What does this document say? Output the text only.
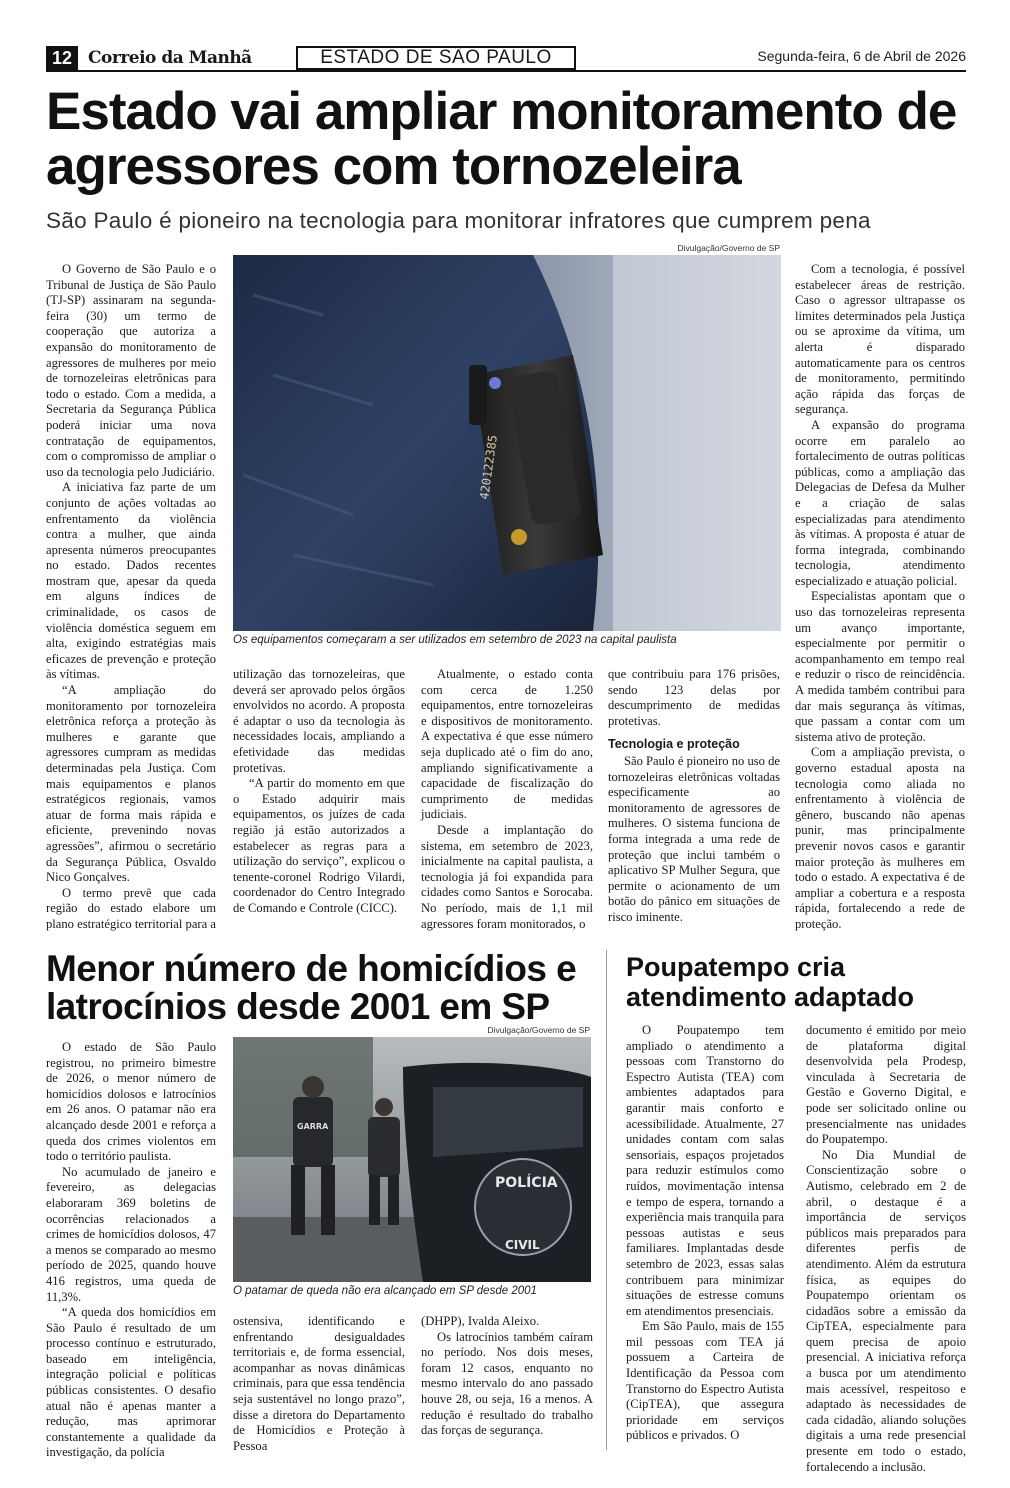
12 Correio da Manhã	ESTADO DE SÃO PAULO	Segunda-feira, 6 de Abril de 2026
Estado vai ampliar monitoramento de agressores com tornozeleira
São Paulo é pioneiro na tecnologia para monitorar infratores que cumprem pena
Divulgação/Governo de SP
420122385
Os equipamentos começaram a ser utilizados em setembro de 2023 na capital paulista

O Governo de São Paulo e o Tribunal de Justiça de São Paulo (TJ-SP) assinaram na segunda-feira (30) um termo de cooperação que autoriza a expansão do monitoramento de agressores de mulheres por meio de tornozeleiras eletrônicas para todo o estado. Com a medida, a Secretaria da Segurança Pública poderá iniciar uma nova contratação de equipamentos, com o compromisso de ampliar o uso da tecnologia pelo Judiciário.

A iniciativa faz parte de um conjunto de ações voltadas ao enfrentamento da violência contra a mulher, que ainda apresenta números preocupantes no estado. Dados recentes mostram que, apesar da queda em alguns índices de criminalidade, os casos de violência doméstica seguem em alta, exigindo estratégias mais eficazes de prevenção e proteção às vítimas.

“A ampliação do monitoramento por tornozeleira eletrônica reforça a proteção às mulheres e garante que agressores cumpram as medidas determinadas pela Justiça. Com mais equipamentos e planos estratégicos regionais, vamos atuar de forma mais rápida e eficiente, prevenindo novas agressões”, afirmou o secretário da Segurança Pública, Osvaldo Nico Gonçalves.

O termo prevê que cada região do estado elabore um plano estratégico territorial para a

utilização das tornozeleiras, que deverá ser aprovado pelos órgãos envolvidos no acordo. A proposta é adaptar o uso da tecnologia às necessidades locais, ampliando a efetividade das medidas protetivas.

“A partir do momento em que o Estado adquirir mais equipamentos, os juízes de cada região já estão autorizados a estabelecer as regras para a utilização do serviço”, explicou o tenente-coronel Rodrigo Vilardi, coordenador do Centro Integrado de Comando e Controle (CICC).

Atualmente, o estado conta com cerca de 1.250 equipamentos, entre tornozeleiras e dispositivos de monitoramento. A expectativa é que esse número seja duplicado até o fim do ano, ampliando significativamente a capacidade de fiscalização do cumprimento de medidas judiciais.

Desde a implantação do sistema, em setembro de 2023, inicialmente na capital paulista, a tecnologia já foi expandida para cidades como Santos e Sorocaba. No período, mais de 1,1 mil agressores foram monitorados, o

que contribuiu para 176 prisões, sendo 123 delas por descumprimento de medidas protetivas.

Tecnologia e proteção

São Paulo é pioneiro no uso de tornozeleiras eletrônicas voltadas especificamente ao monitoramento de agressores de mulheres. O sistema funciona de forma integrada a uma rede de proteção que inclui também o aplicativo SP Mulher Segura, que permite o acionamento de um botão do pânico em situações de risco iminente.

Com a tecnologia, é possível estabelecer áreas de restrição. Caso o agressor ultrapasse os limites determinados pela Justiça ou se aproxime da vítima, um alerta é disparado automaticamente para os centros de monitoramento, permitindo ação rápida das forças de segurança.

A expansão do programa ocorre em paralelo ao fortalecimento de outras políticas públicas, como a ampliação das Delegacias de Defesa da Mulher e a criação de salas especializadas para atendimento às vítimas. A proposta é atuar de forma integrada, combinando tecnologia, atendimento especializado e atuação policial.

Especialistas apontam que o uso das tornozeleiras representa um avanço importante, especialmente por permitir o acompanhamento em tempo real e reduzir o risco de reincidência. A medida também contribui para dar mais segurança às vítimas, que passam a contar com um sistema ativo de proteção.

Com a ampliação prevista, o governo estadual aposta na tecnologia como aliada no enfrentamento à violência de gênero, buscando não apenas punir, mas principalmente prevenir novos casos e garantir maior proteção às mulheres em todo o estado. A expectativa é de ampliar a cobertura e a resposta rápida, fortalecendo a rede de proteção.

Menor número de homicídios e latrocínios desde 2001 em SP
Divulgação/Governo de SP
POLÍCIA
CIVIL
GARRA
O patamar de queda não era alcançado em SP desde 2001

O estado de São Paulo registrou, no primeiro bimestre de 2026, o menor número de homicídios dolosos e latrocínios em 26 anos. O patamar não era alcançado desde 2001 e reforça a queda dos crimes violentos em todo o território paulista.

No acumulado de janeiro e fevereiro, as delegacias elaboraram 369 boletins de ocorrências relacionados a crimes de homicídios dolosos, 47 a menos se comparado ao mesmo período de 2025, quando houve 416 registros, uma queda de 11,3%.

“A queda dos homicídios em São Paulo é resultado de um processo contínuo e estruturado, baseado em inteligência, integração policial e políticas públicas consistentes. O desafio atual não é apenas manter a redução, mas aprimorar constantemente a qualidade da investigação, da polícia

ostensiva, identificando e enfrentando desigualdades territoriais e, de forma essencial, acompanhar as novas dinâmicas criminais, para que essa tendência seja sustentável no longo prazo”, disse a diretora do Departamento de Homicídios e Proteção à Pessoa

(DHPP), Ivalda Aleixo.

Os latrocínios também caíram no período. Nos dois meses, foram 12 casos, enquanto no mesmo intervalo do ano passado houve 28, ou seja, 16 a menos. A redução é resultado do trabalho das forças de segurança.

Poupatempo cria atendimento adaptado

O Poupatempo tem ampliado o atendimento a pessoas com Transtorno do Espectro Autista (TEA) com ambientes adaptados para garantir mais conforto e acessibilidade. Atualmente, 27 unidades contam com salas sensoriais, espaços projetados para reduzir estímulos como ruídos, movimentação intensa e tempo de espera, tornando a experiência mais tranquila para pessoas autistas e seus familiares. Implantadas desde setembro de 2023, essas salas contribuem para minimizar situações de estresse comuns em atendimentos presenciais.

Em São Paulo, mais de 155 mil pessoas com TEA já possuem a Carteira de Identificação da Pessoa com Transtorno do Espectro Autista (CipTEA), que assegura prioridade em serviços públicos e privados. O

documento é emitido por meio de plataforma digital desenvolvida pela Prodesp, vinculada à Secretaria de Gestão e Governo Digital, e pode ser solicitado online ou presencialmente nas unidades do Poupatempo.

No Dia Mundial de Conscientização sobre o Autismo, celebrado em 2 de abril, o destaque é a importância de serviços públicos mais preparados para diferentes perfis de atendimento. Além da estrutura física, as equipes do Poupatempo orientam os cidadãos sobre a emissão da CipTEA, especialmente para quem precisa de apoio presencial. A iniciativa reforça a busca por um atendimento mais acessível, respeitoso e adaptado às necessidades de cada cidadão, aliando soluções digitais a uma rede presencial presente em todo o estado, fortalecendo a inclusão.
